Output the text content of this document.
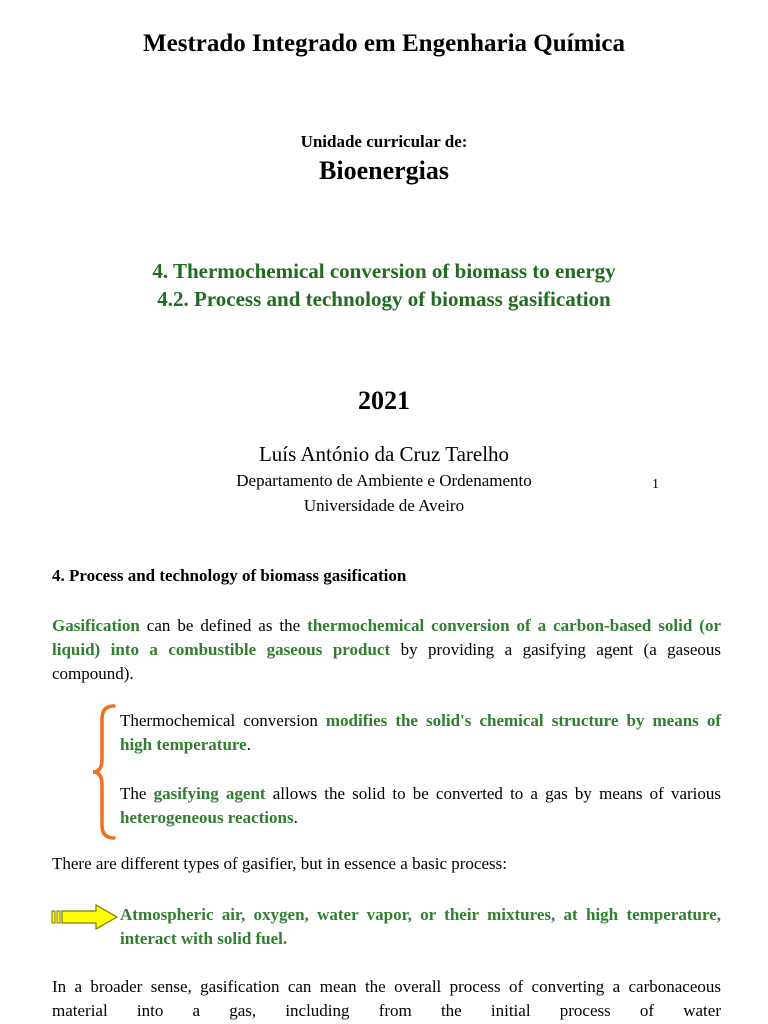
Mestrado Integrado em Engenharia Química
Unidade curricular de:
Bioenergias
4. Thermochemical conversion of biomass to energy
4.2. Process and technology of biomass gasification
2021
Luís António da Cruz Tarelho
Departamento de Ambiente e Ordenamento
Universidade de Aveiro
1
4. Process and technology of biomass gasification
Gasification can be defined as the thermochemical conversion of a carbon-based solid (or liquid) into a combustible gaseous product by providing a gasifying agent (a gaseous compound).
Thermochemical conversion modifies the solid's chemical structure by means of high temperature.
The gasifying agent allows the solid to be converted to a gas by means of various heterogeneous reactions.
There are different types of gasifier, but in essence a basic process:
Atmospheric air, oxygen, water vapor, or their mixtures, at high temperature, interact with solid fuel.
In a broader sense, gasification can mean the overall process of converting a carbonaceous material into a gas, including from the initial process of water
